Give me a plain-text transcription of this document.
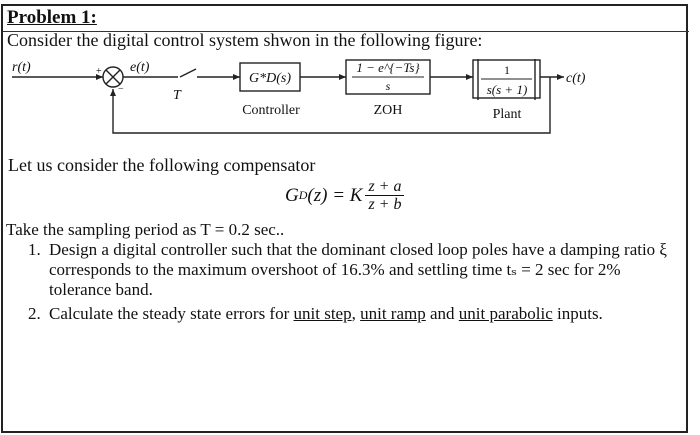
Problem 1:
Consider the digital control system shwon in the following figure:
r(t)	+
−
e(t)
T
G*D(s)
Controller
1 − e^{−Ts}
s
ZOH
1
s(s + 1)
Plant
c(t)
Let us consider the following compensator
G D (z) = K $\frac{z + a}{z + b}$
Take the sampling period as T = 0.2 sec..
1. Design a digital controller such that the dominant closed loop poles have a damping ratio ξ corresponds to the maximum overshoot of 16.3% and settling time tₛ = 2 sec for 2% tolerance band.
2. Calculate the steady state errors for unit step, unit ramp and unit parabolic inputs.
